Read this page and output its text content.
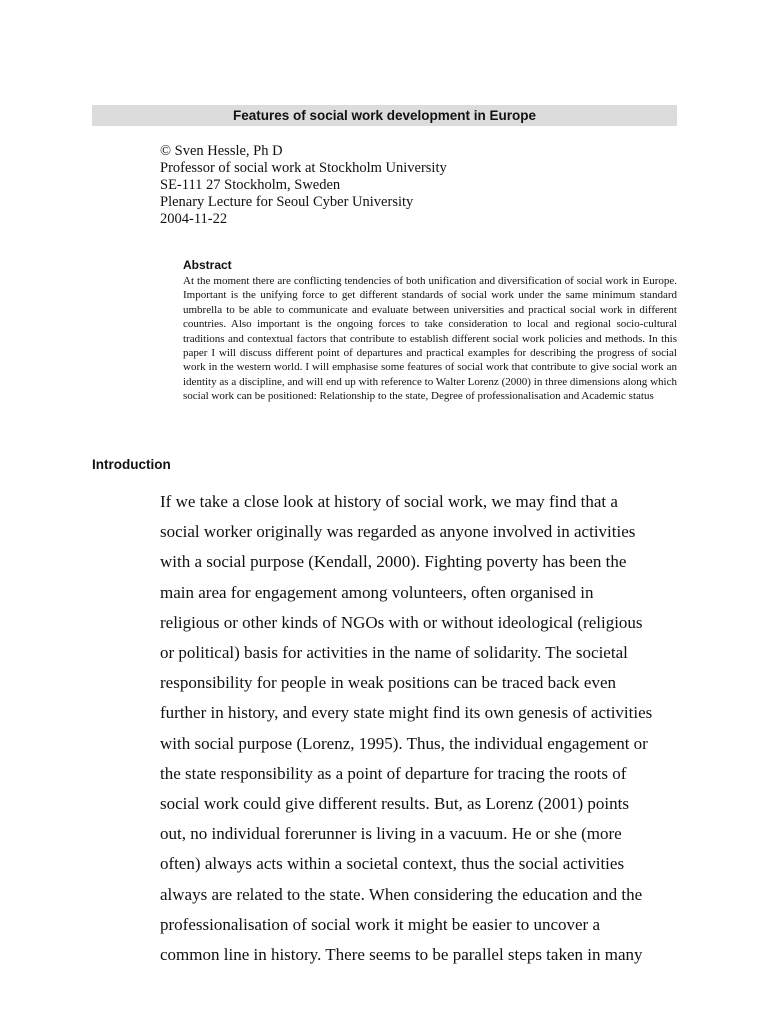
Features of social work development in Europe
© Sven Hessle, Ph D
Professor of social work at Stockholm University
SE-111 27 Stockholm, Sweden
Plenary Lecture for Seoul Cyber University
2004-11-22
Abstract
At the moment there are conflicting tendencies of both unification and diversification of social work in Europe. Important is the unifying force to get different standards of social work under the same minimum standard umbrella to be able to communicate and evaluate between universities and practical social work in different countries. Also important is the ongoing forces to take consideration to local and regional socio-cultural traditions and contextual factors that contribute to establish different social work policies and methods. In this paper I will discuss different point of departures and practical examples for describing the progress of social work in the western world. I will emphasise some features of social work that contribute to give social work an identity as a discipline, and will end up with reference to Walter Lorenz (2000) in three dimensions along which social work can be positioned: Relationship to the state, Degree of professionalisation and Academic status
Introduction
If we take a close look at history of social work, we may find that a
social worker originally was regarded as anyone involved in activities
with a social purpose (Kendall, 2000). Fighting poverty has been the
main area for engagement among volunteers, often organised in
religious or other kinds of NGOs with or without ideological (religious
or political) basis for activities in the name of solidarity. The societal
responsibility for people in weak positions can be traced back even
further in history, and every state might find its own genesis of activities
with social purpose (Lorenz, 1995). Thus, the individual engagement or
the state responsibility as a point of departure for tracing the roots of
social work could give different results. But, as Lorenz (2001) points
out, no individual forerunner is living in a vacuum. He or she (more
often) always acts within a societal context, thus the social activities
always are related to the state. When considering the education and the
professionalisation of social work it might be easier to uncover a
common line in history. There seems to be parallel steps taken in many
